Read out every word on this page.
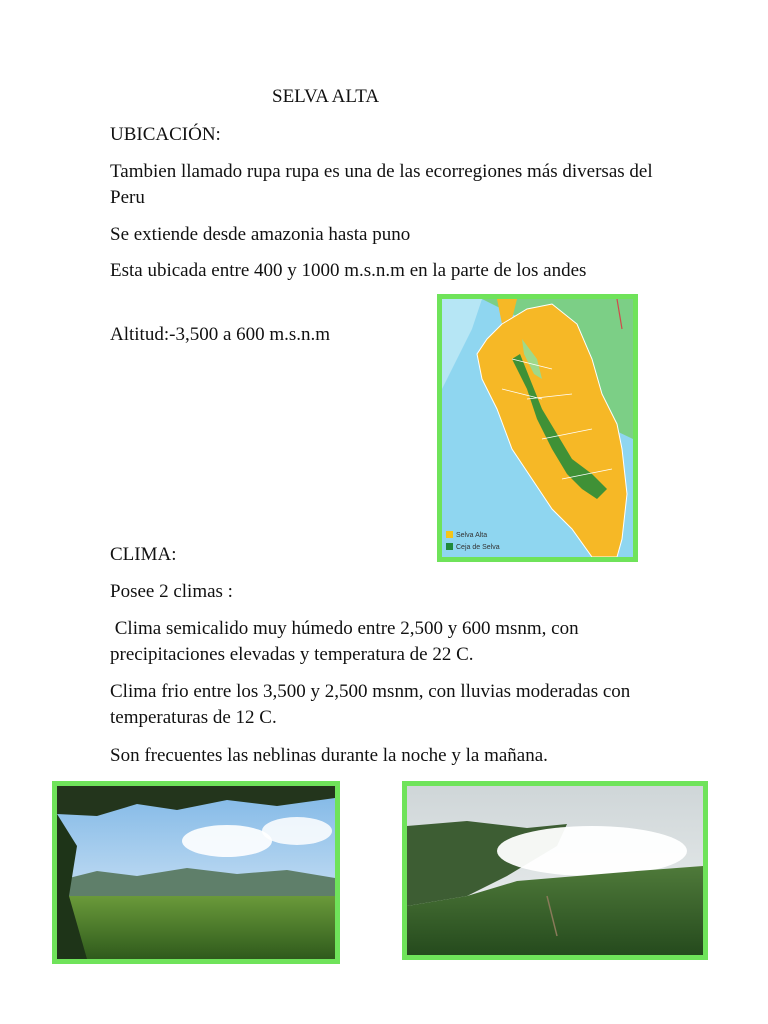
SELVA ALTA

UBICACIÓN:

Tambien llamado rupa rupa es una de las ecorregiones más diversas del Peru

Se extiende desde amazonia hasta puno

Esta ubicada entre 400 y 1000 m.s.n.m en la parte de los andes

Altitud:-3,500 a 600 m.s.n.m

Selva Alta
Ceja de Selva

CLIMA:

Posee 2 climas :

Clima semicalido muy húmedo entre 2,500 y 600 msnm, con precipitaciones elevadas y temperatura de 22 C.

Clima frio entre los 3,500 y 2,500 msnm, con lluvias moderadas con temperaturas de 12 C.

Son frecuentes las neblinas durante la noche y la mañana.
